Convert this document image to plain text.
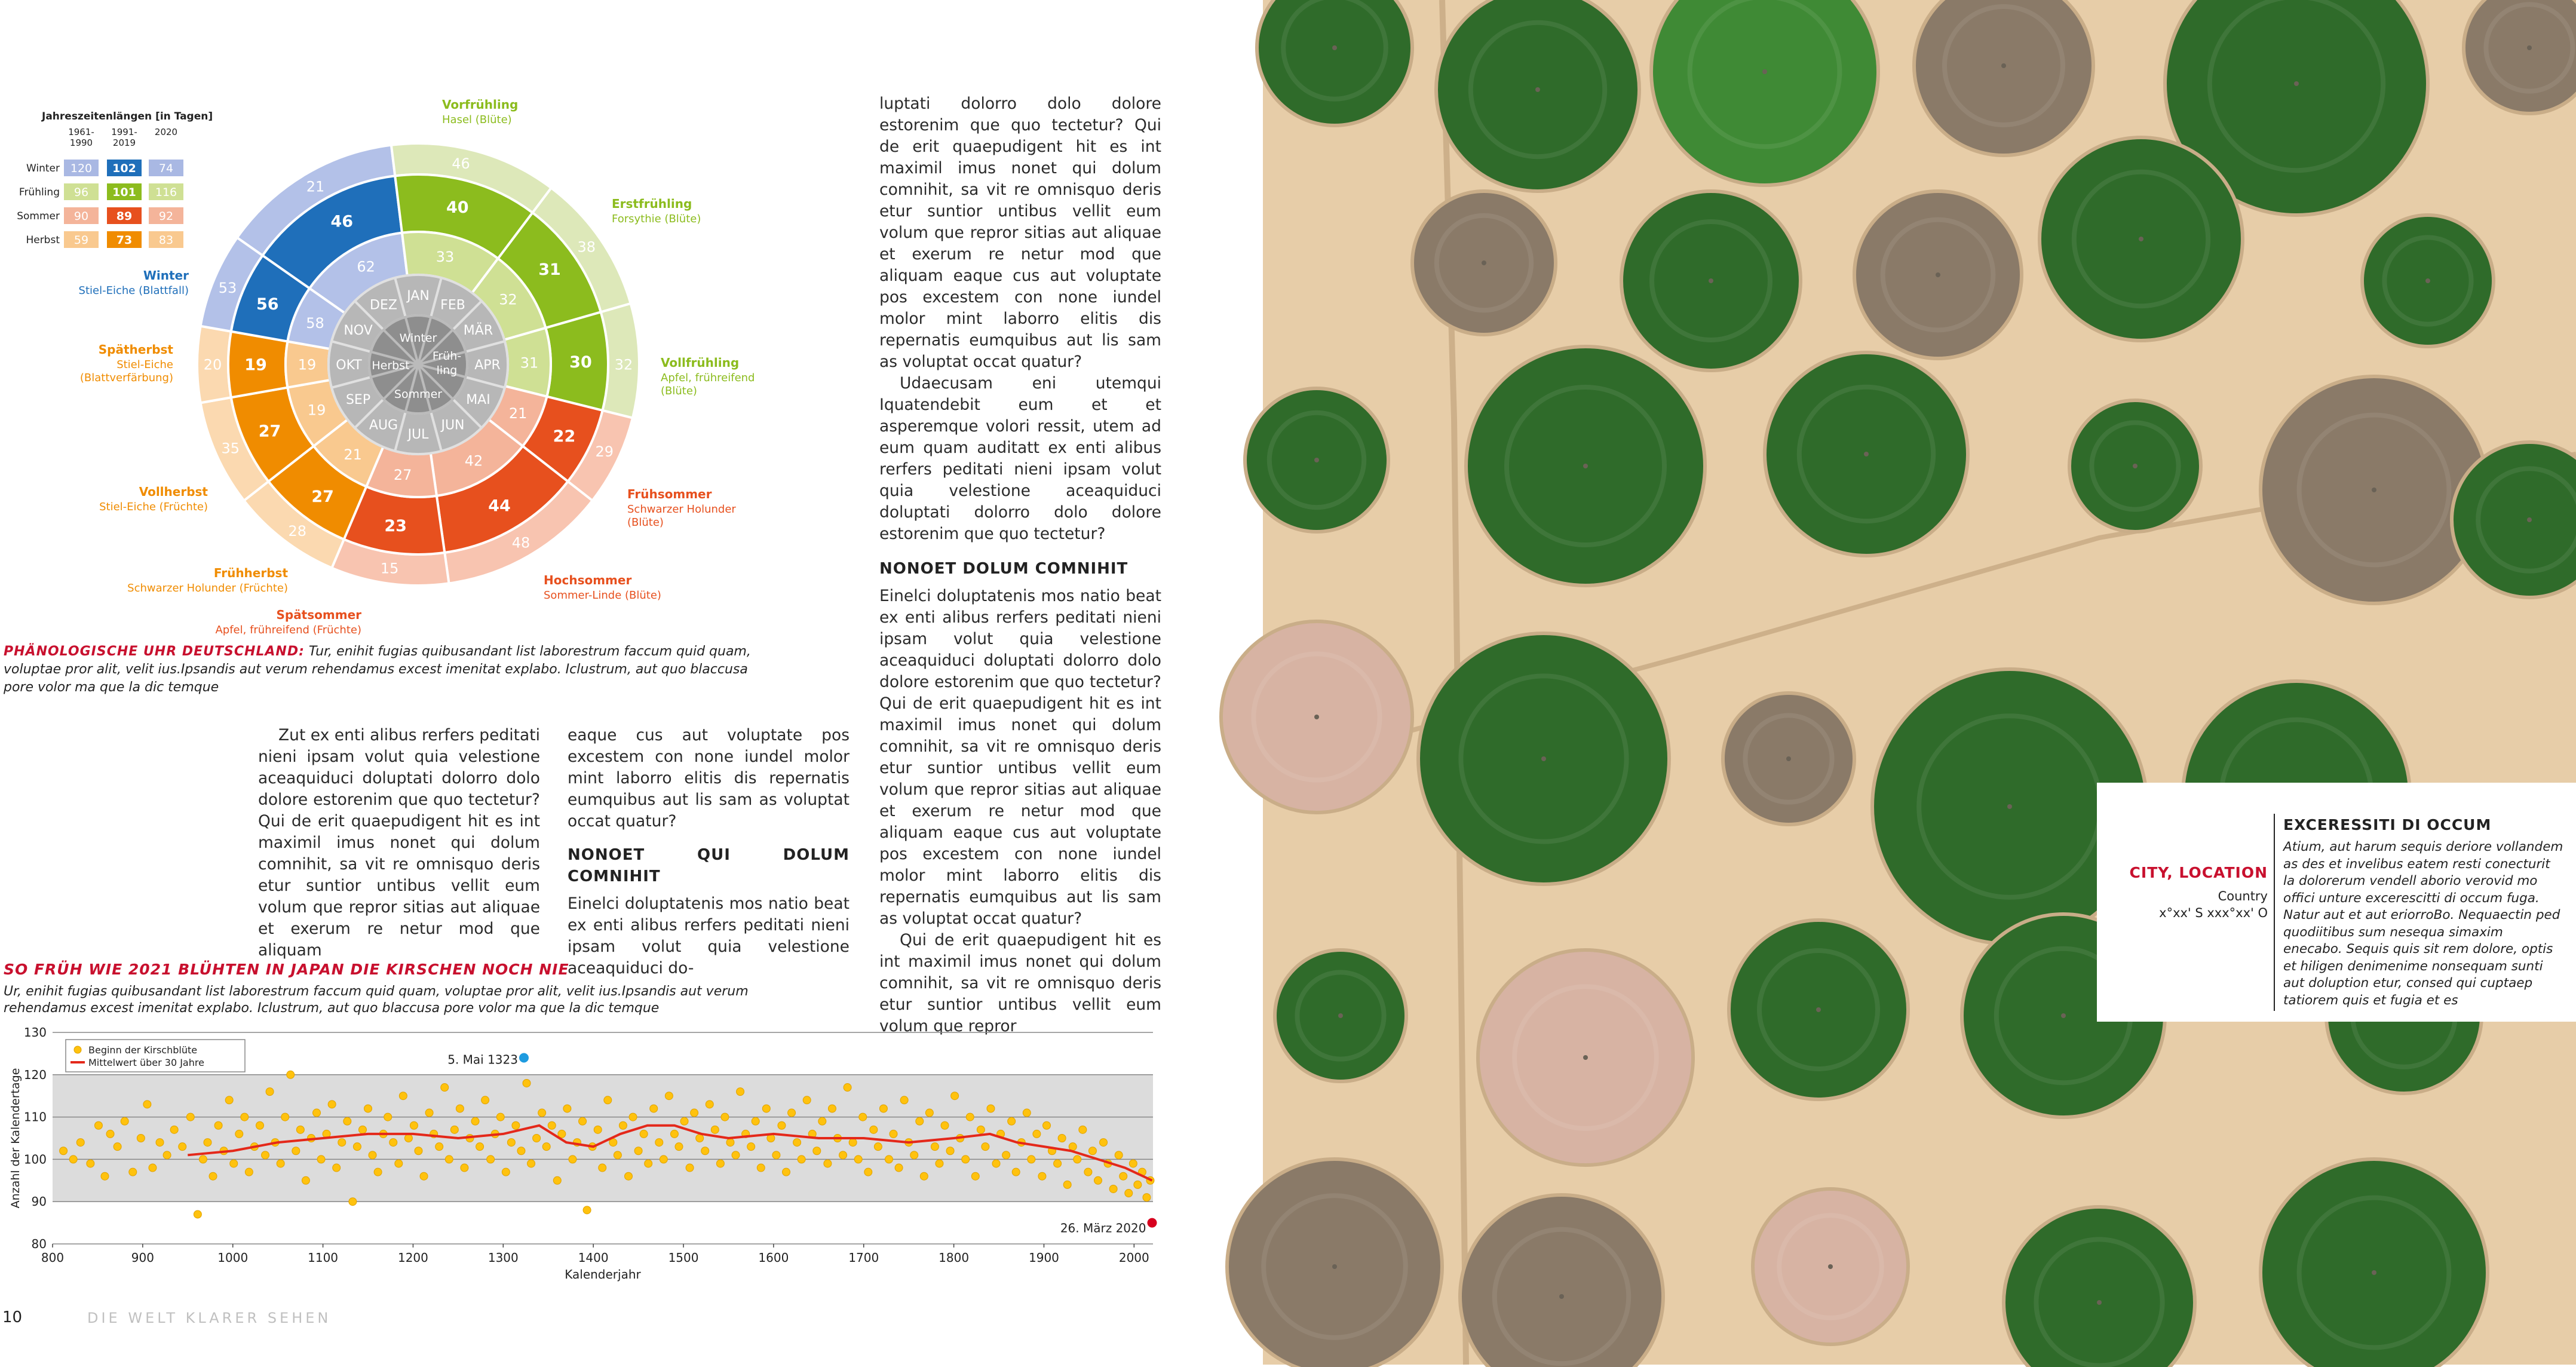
JAN
FEB
MÄR
APR
MAI
JUN
JUL
AUG
SEP
OKT
NOV
DEZ
Winter
Früh-
ling
Sommer
Herbst
21
46
38
32
29
48
15
28
35
20
53
46
40
31
30
22
44
23
27
27
19
56
62
33
32
31
21
42
27
21
19
19
58
Vorfrühling
Hasel (Blüte)
Erstfrühling
Forsythie (Blüte)
Vollfrühling
Apfel, frühreifend
(Blüte)
Frühsommer
Schwarzer Holunder
(Blüte)
Hochsommer
Sommer-Linde (Blüte)
Spätsommer
Apfel, frühreifend (Früchte)
Frühherbst
Schwarzer Holunder (Früchte)
Vollherbst
Stiel-Eiche (Früchte)
Spätherbst
Stiel-Eiche
(Blattverfärbung)
Winter
Stiel-Eiche (Blattfall)
Jahreszeitenlängen [in Tagen]
1961-
1990
1991-
2019
2020
Winter 120 102 74
Frühling 96 101 116
Sommer 90 89 92
Herbst 59 73 83
PHÄNOLOGISCHE UHR DEUTSCHLAND: Tur, enihit fugias quibusandant list laborestrum faccum quid quam, voluptae pror alit, velit ius.Ipsandis aut verum rehendamus excest imenitat explabo. Iclustrum, aut quo blaccusa pore volor ma que la dic temque

Zut ex enti alibus rerfers peditati nieni ipsam volut quia velestione aceaquiduci doluptati dolorro dolo dolore estorenim que quo tectetur? Qui de erit quaepudigent hit es int maximil imus nonet qui dolum comnihit, sa vit re omnisquo deris etur suntior untibus vellit eum volum que repror sitias aut aliquae et exerum re netur mod que aliquam

eaque cus aut voluptate pos excestem con none iundel molor mint laborro elitis dis repernatis eumquibus aut lis sam as voluptat occat quatur?

NONOET QUI DOLUM COMNIHIT

Einelci doluptatenis mos natio beat ex enti alibus rerfers peditati nieni ipsam volut quia velestione aceaquiduci do-

luptati dolorro dolo dolore estorenim que quo tectetur? Qui de erit quaepudigent hit es int maximil imus nonet qui dolum comnihit, sa vit re omnisquo deris etur suntior untibus vellit eum volum que repror sitias aut aliquae et exerum re netur mod que aliquam eaque cus aut voluptate pos excestem con none iundel molor mint laborro elitis dis repernatis eumquibus aut lis sam as voluptat occat quatur?

Udaecusam eni utemqui Iquatendebit eum et et asperemque volori ressit, utem ad eum quam auditatt ex enti alibus rerfers peditati nieni ipsam volut quia velestione aceaquiduci doluptati dolorro dolo dolore estorenim que quo tectetur?

NONOET DOLUM COMNIHIT

Einelci doluptatenis mos natio beat ex enti alibus rerfers peditati nieni ipsam volut quia velestione aceaquiduci doluptati dolorro dolo dolore estorenim que quo tectetur? Qui de erit quaepudigent hit es int maximil imus nonet qui dolum comnihit, sa vit re omnisquo deris etur suntior untibus vellit eum volum que repror sitias aut aliquae et exerum re netur mod que aliquam eaque cus aut voluptate pos excestem con none iundel molor mint laborro elitis dis repernatis eumquibus aut lis sam as voluptat occat quatur?

Qui de erit quaepudigent hit es int maximil imus nonet qui dolum comnihit, sa vit re omnisquo deris etur suntior untibus vellit eum volum que repror

SO FRÜH WIE 2021 BLÜHTEN IN JAPAN DIE KIRSCHEN NOCH NIE
Ur, enihit fugias quibusandant list laborestrum faccum quid quam, voluptae pror alit, velit ius.Ipsandis aut verum rehendamus excest imenitat explabo. Iclustrum, aut quo blaccusa pore volor ma que la dic temque
80
90
100
110
120
130
800	900	1000	1100	1200	1300	1400	1500	1600	1700	1800	1900	2000
Kalenderjahr
Anzahl der Kalendertage
5. Mai 1323
26. März 2020
Beginn der Kirschblüte
Mittelwert über 30 Jahre
10	DIE WELT KLARER SEHEN
CITY, LOCATION
Country
x°xx' S xxx°xx' O
EXCERESSITI DI OCCUM
Atium, aut harum sequis deriore vollandem as des et invelibus eatem resti conecturit la dolorerum vendell aborio verovid mo offici unture excerescitti di occum fuga. Natur aut et aut eriorroBo. Nequaectin ped quodiitibus sum nesequa simaxim enecabo. Sequis quis sit rem dolore, optis et hiligen denimenime nonsequam sunti aut doluption etur, consed qui cuptaep tatiorem quis et fugia et es
